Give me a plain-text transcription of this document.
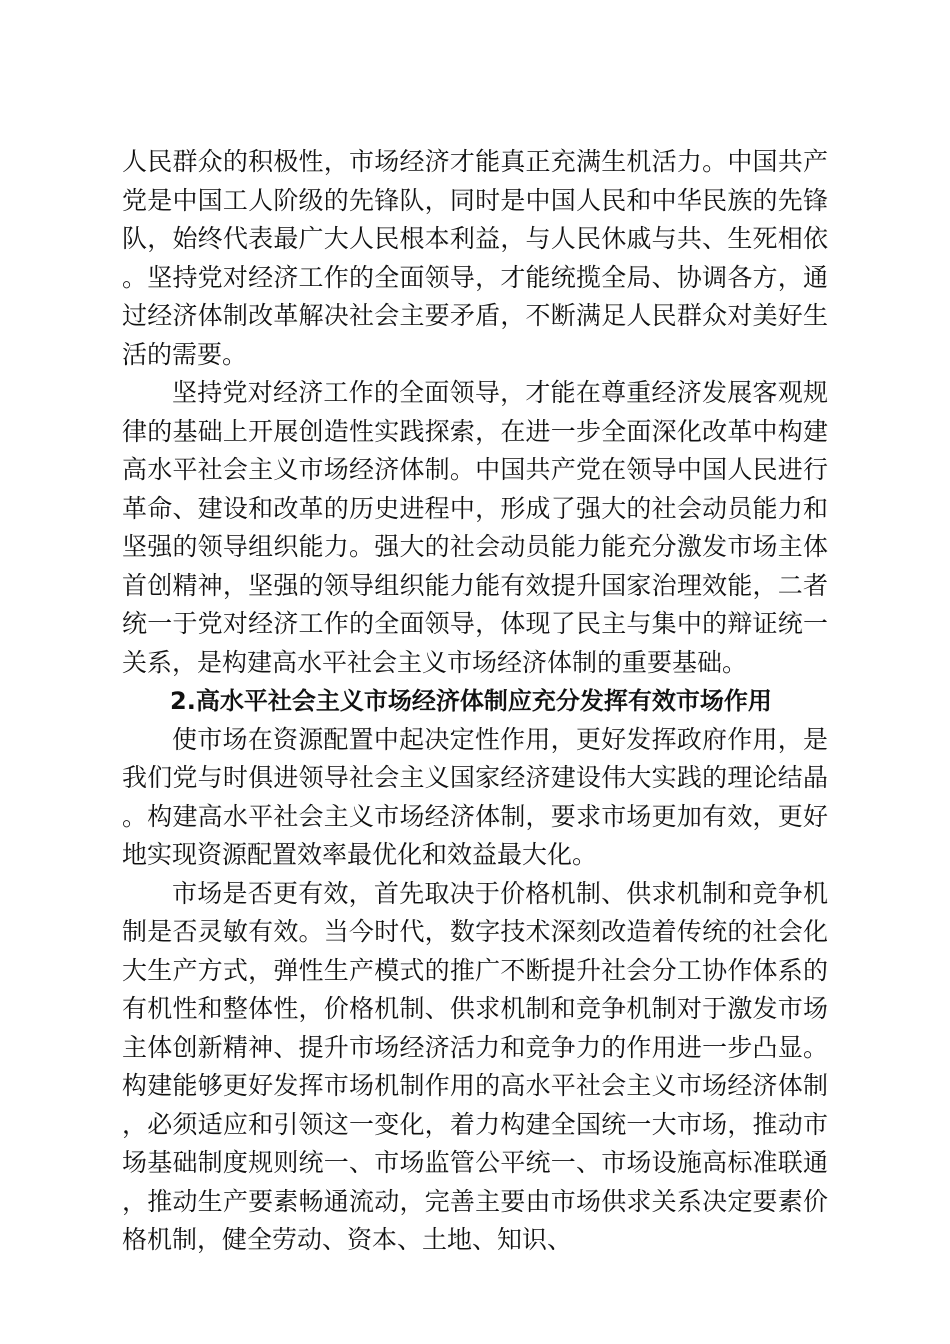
人民群众的积极性，市场经济才能真正充满生机活力。中国共产党是中国工人阶级的先锋队，同时是中国人民和中华民族的先锋队，始终代表最广大人民根本利益，与人民休戚与共、生死相依。坚持党对经济工作的全面领导，才能统揽全局、协调各方，通过经济体制改革解决社会主要矛盾，不断满足人民群众对美好生活的需要。

坚持党对经济工作的全面领导，才能在尊重经济发展客观规律的基础上开展创造性实践探索，在进一步全面深化改革中构建高水平社会主义市场经济体制。中国共产党在领导中国人民进行革命、建设和改革的历史进程中，形成了强大的社会动员能力和坚强的领导组织能力。强大的社会动员能力能充分激发市场主体首创精神，坚强的领导组织能力能有效提升国家治理效能，二者统一于党对经济工作的全面领导，体现了民主与集中的辩证统一关系，是构建高水平社会主义市场经济体制的重要基础。

2.高水平社会主义市场经济体制应充分发挥有效市场作用

使市场在资源配置中起决定性作用，更好发挥政府作用，是我们党与时俱进领导社会主义国家经济建设伟大实践的理论结晶。构建高水平社会主义市场经济体制，要求市场更加有效，更好地实现资源配置效率最优化和效益最大化。

市场是否更有效，首先取决于价格机制、供求机制和竞争机制是否灵敏有效。当今时代，数字技术深刻改造着传统的社会化大生产方式，弹性生产模式的推广不断提升社会分工协作体系的有机性和整体性，价格机制、供求机制和竞争机制对于激发市场主体创新精神、提升市场经济活力和竞争力的作用进一步凸显。构建能够更好发挥市场机制作用的高水平社会主义市场经济体制，必须适应和引领这一变化，着力构建全国统一大市场，推动市场基础制度规则统一、市场监管公平统一、市场设施高标准联通，推动生产要素畅通流动，完善主要由市场供求关系决定要素价格机制，健全劳动、资本、土地、知识、
